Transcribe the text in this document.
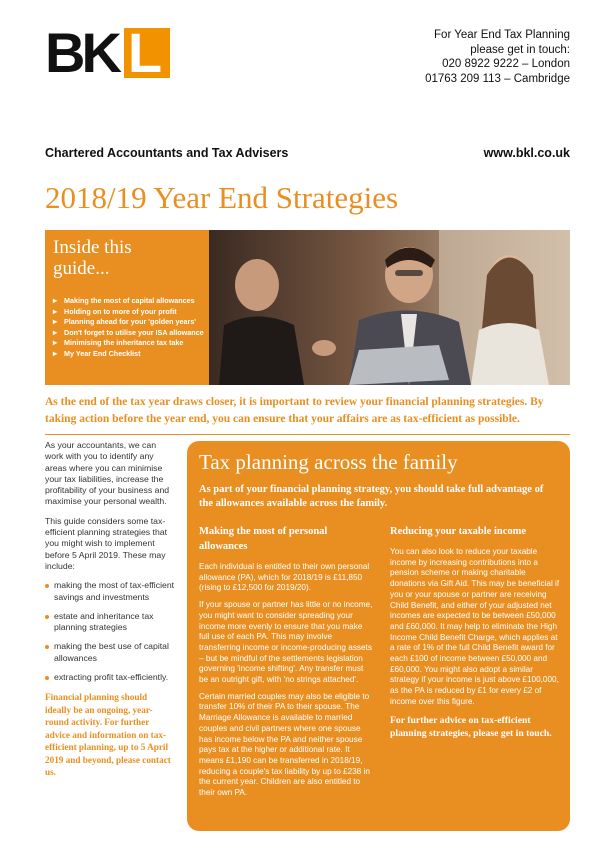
B K L	For Year End Tax Planning
please get in touch:
020 8922 9222 – London
01763 209 113 – Cambridge
Chartered Accountants and Tax Advisers	www.bkl.co.uk
2018/19 Year End Strategies
Inside this guide...
▸ Making the most of capital allowances
▸ Holding on to more of your profit
▸ Planning ahead for your 'golden years'
▸ Don't forget to utilise your ISA allowance
▸ Minimising the inheritance tax take
▸ My Year End Checklist
As the end of the tax year draws closer, it is important to review your financial planning strategies. By taking action before the year end, you can ensure that your affairs are as tax-efficient as possible.

As your accountants, we can work with you to identify any areas where you can minimise your tax liabilities, increase the profitability of your business and maximise your personal wealth.

This guide considers some tax-efficient planning strategies that you might wish to implement before 5 April 2019. These may include:

making the most of tax-efficient savings and investments
estate and inheritance tax planning strategies
making the best use of capital allowances
extracting profit tax-efficiently.
Financial planning should ideally be an ongoing, year-round activity. For further advice and information on tax-efficient planning, up to 5 April 2019 and beyond, please contact us.
Tax planning across the family
As part of your financial planning strategy, you should take full advantage of the allowances available across the family.
Making the most of personal allowances

Each individual is entitled to their own personal allowance (PA), which for 2018/19 is £11,850 (rising to £12,500 for 2019/20).

If your spouse or partner has little or no income, you might want to consider spreading your income more evenly to ensure that you make full use of each PA. This may involve transferring income or income-producing assets – but be mindful of the settlements legislation governing 'income shifting'. Any transfer must be an outright gift, with 'no strings attached'.

Certain married couples may also be eligible to transfer 10% of their PA to their spouse. The Marriage Allowance is available to married couples and civil partners where one spouse has income below the PA and neither spouse pays tax at the higher or additional rate. It means £1,190 can be transferred in 2018/19, reducing a couple's tax liability by up to £238 in the current year. Children are also entitled to their own PA.

Reducing your taxable income

You can also look to reduce your taxable income by increasing contributions into a pension scheme or making charitable donations via Gift Aid. This may be beneficial if you or your spouse or partner are receiving Child Benefit, and either of your adjusted net incomes are expected to be between £50,000 and £60,000. It may help to eliminate the High Income Child Benefit Charge, which applies at a rate of 1% of the full Child Benefit award for each £100 of income between £50,000 and £60,000. You might also adopt a similar strategy if your income is just above £100,000, as the PA is reduced by £1 for every £2 of income over this figure.

For further advice on tax-efficient planning strategies, please get in touch.
